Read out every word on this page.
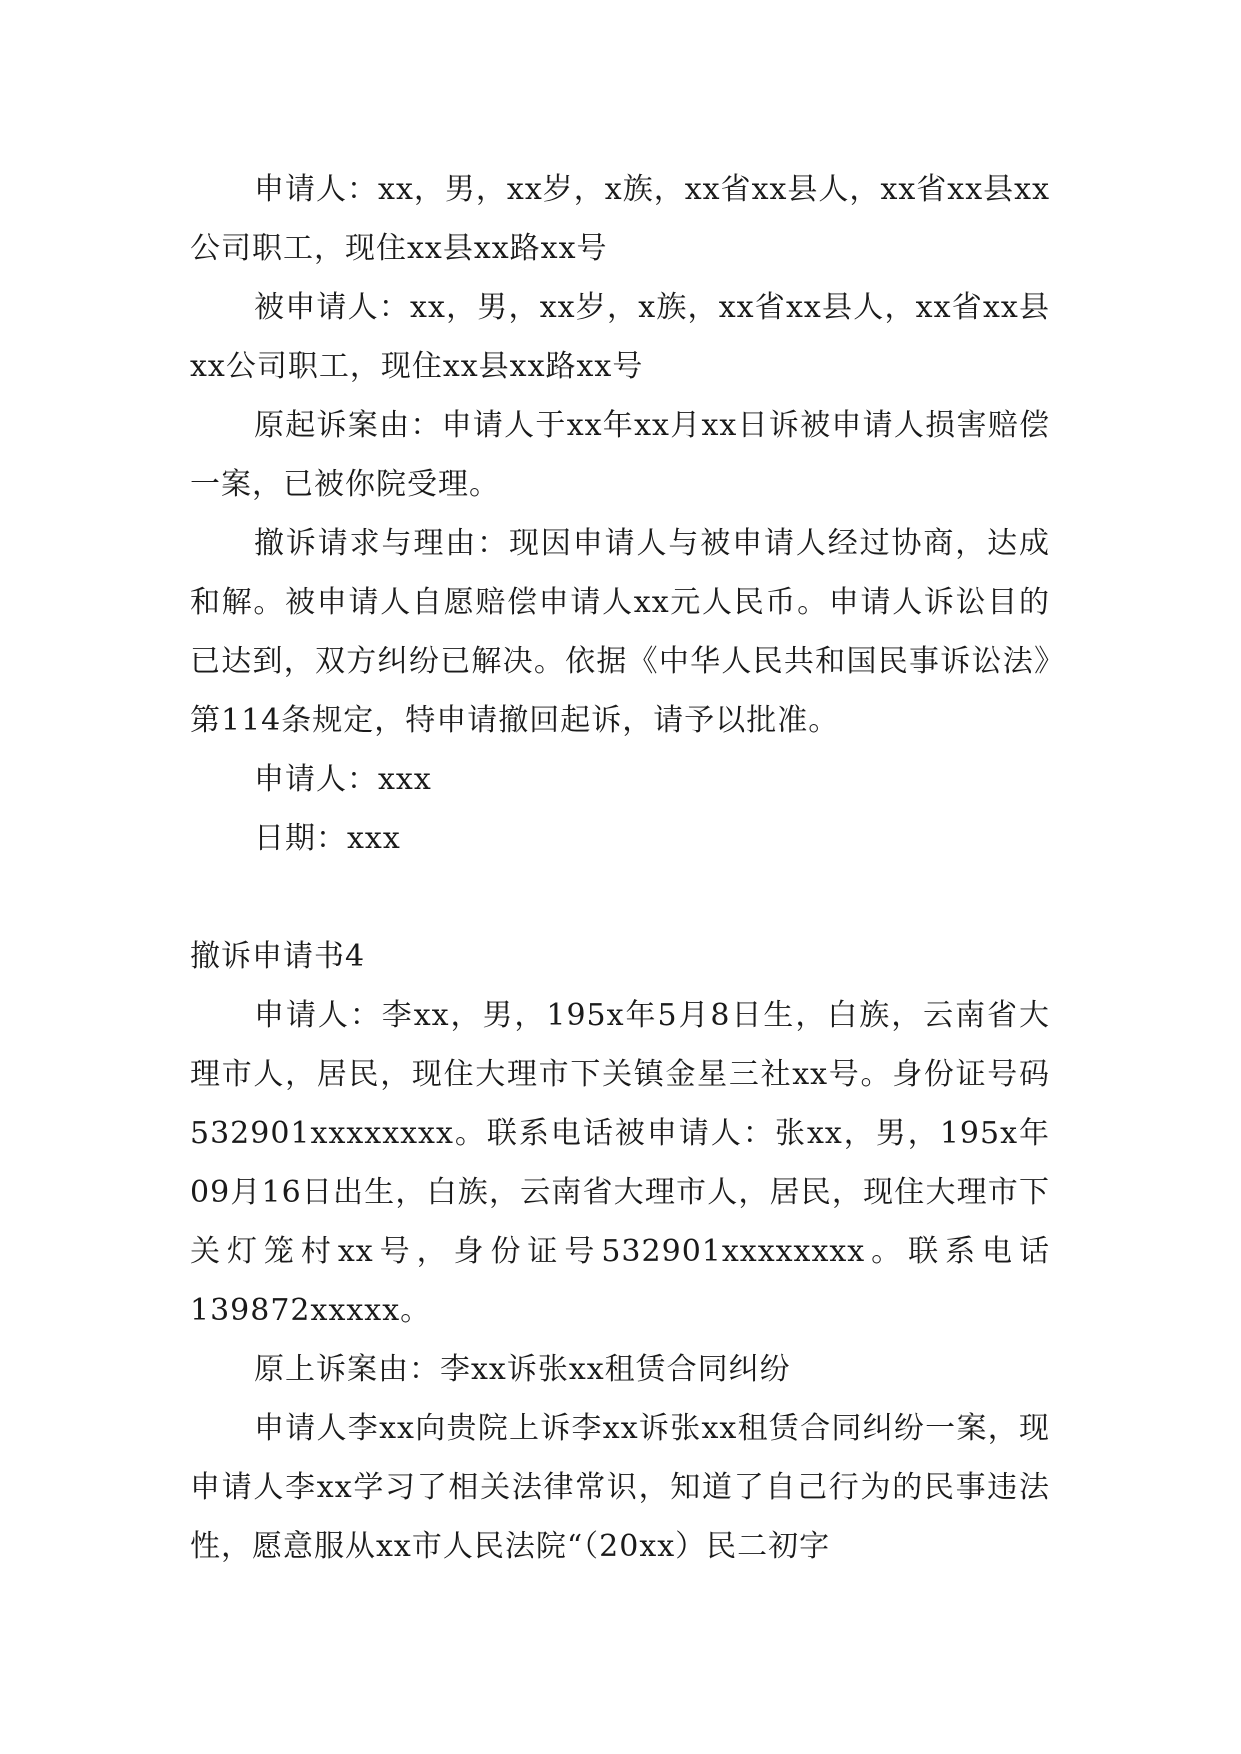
申请人：xx，男，xx岁，x族，xx省xx县人，xx省xx县xx公司职工，现住xx县xx路xx号

被申请人：xx，男，xx岁，x族，xx省xx县人，xx省xx县xx公司职工，现住xx县xx路xx号

原起诉案由：申请人于xx年xx月xx日诉被申请人损害赔偿一案，已被你院受理。

撤诉请求与理由：现因申请人与被申请人经过协商，达成和解。被申请人自愿赔偿申请人xx元人民币。申请人诉讼目的已达到，双方纠纷已解决。依据《中华人民共和国民事诉讼法》第114条规定，特申请撤回起诉，请予以批准。

申请人：xxx

日期：xxx

撤诉申请书4

申请人：李xx，男，195x年5月8日生，白族，云南省大理市人，居民，现住大理市下关镇金星三社xx号。身份证号码532901xxxxxxxx。联系电话被申请人：张xx，男，195x年09月16日出生，白族，云南省大理市人，居民，现住大理市下关灯笼村xx号，身份证号532901xxxxxxxx。联系电话139872xxxxx。

原上诉案由：李xx诉张xx租赁合同纠纷

申请人李xx向贵院上诉李xx诉张xx租赁合同纠纷一案，现申请人李xx学习了相关法律常识，知道了自己行为的民事违法性，愿意服从xx市人民法院“（20xx）民二初字
